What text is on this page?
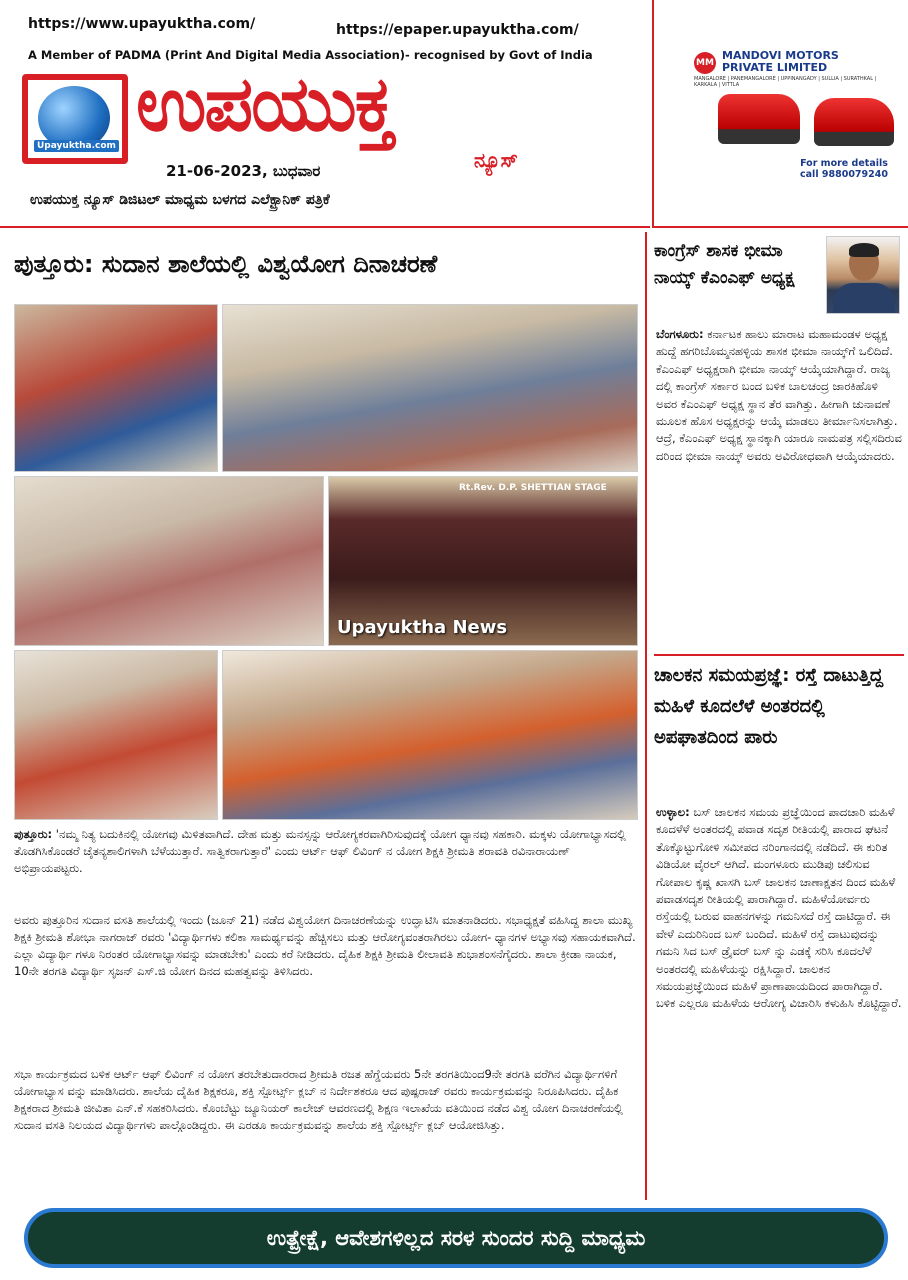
https://www.upayuktha.com/	https://epaper.upayuktha.com/
A Member of PADMA (Print And Digital Media Association)- recognised by Govt of India
Upayuktha.com ಉಪಯುಕ್ತ
ನ್ಯೂಸ್
21-06-2023, ಬುಧವಾರ
ಉಪಯುಕ್ತ ನ್ಯೂಸ್ ಡಿಜಿಟಲ್ ಮಾಧ್ಯಮ ಬಳಗದ ಎಲೆಕ್ಟ್ರಾನಿಕ್ ಪತ್ರಿಕೆ
MM
MANDOVI MOTORS PRIVATE LIMITED
MANGALORE | PANEMANGALORE | UPPINANGADY | SULLIA | SURATHKAL | KARKALA | VITTLA
For more details call 9880079240
ಪುತ್ತೂರು: ಸುದಾನ ಶಾಲೆಯಲ್ಲಿ ವಿಶ್ವಯೋಗ ದಿನಾಚರಣೆ
Rt.Rev. D.P. SHETTIAN STAGE
Upayuktha News
ಪುತ್ತೂರು: 'ನಮ್ಮ ನಿತ್ಯ ಬದುಕಿನಲ್ಲಿ ಯೋಗವು ಮಿಳಿತವಾಗಿದೆ. ದೇಹ ಮತ್ತು ಮನಸ್ಸನ್ನು ಆರೋಗ್ಯಕರವಾಗಿರಿಸುವುದಕ್ಕೆ ಯೋಗ ಧ್ಯಾನವು ಸಹಕಾರಿ. ಮಕ್ಕಳು ಯೋಗಾಭ್ಯಾಸದಲ್ಲಿ ತೊಡಗಿಸಿಕೊಂಡರೆ ಚೈತನ್ಯಶಾಲಿಗಳಾಗಿ ಬೆಳೆಯುತ್ತಾರೆ. ಸಾತ್ವಿಕರಾಗುತ್ತಾರೆ' ಎಂದು ಆರ್ಟ್ ಆಫ್ ಲಿವಿಂಗ್ ನ ಯೋಗ ಶಿಕ್ಷಕಿ ಶ್ರೀಮತಿ ಶರಾವತಿ ರವಿನಾರಾಯಣ್ ಅಭಿಪ್ರಾಯಪಟ್ಟರು.
ಅವರು ಪುತ್ತೂರಿನ ಸುದಾನ ವಸತಿ ಶಾಲೆಯಲ್ಲಿ ಇಂದು (ಜೂನ್ 21) ನಡೆದ ವಿಶ್ವಯೋಗ ದಿನಾಚರಣೆಯನ್ನು ಉದ್ಘಾಟಿಸಿ ಮಾತನಾಡಿದರು. ಸಭಾಧ್ಯಕ್ಷತೆ ವಹಿಸಿದ್ದ ಶಾಲಾ ಮುಖ್ಯ ಶಿಕ್ಷಕಿ ಶ್ರೀಮತಿ ಶೋಭಾ ನಾಗರಾಜ್ ರವರು 'ವಿದ್ಯಾರ್ಥಿಗಳು ಕಲಿಕಾ ಸಾಮರ್ಥ್ಯವನ್ನು ಹೆಚ್ಚಿಸಲು ಮತ್ತು ಆರೋಗ್ಯವಂತರಾಗಿರಲು ಯೋಗ- ಧ್ಯಾನಗಳ ಅಭ್ಯಾಸವು ಸಹಾಯಕವಾಗಿದೆ. ಎಲ್ಲಾ ವಿದ್ಯಾರ್ಥಿ ಗಳೂ ನಿರಂತರ ಯೋಗಾಭ್ಯಾಸವನ್ನು ಮಾಡಬೇಕು' ಎಂದು ಕರೆ ನೀಡಿದರು. ದೈಹಿಕ ಶಿಕ್ಷಕಿ ಶ್ರೀಮತಿ ಲೀಲಾವತಿ ಶುಭಾಶಂಸನೆಗೈದರು. ಶಾಲಾ ಕ್ರೀಡಾ ನಾಯಕ, 10ನೇ ತರಗತಿ ವಿದ್ಯಾರ್ಥಿ ಸೃಜನ್ ಎಸ್.ಜಿ ಯೋಗ ದಿನದ ಮಹತ್ವವನ್ನು ತಿಳಿಸಿದರು.
ಸಭಾ ಕಾರ್ಯಕ್ರಮದ ಬಳಿಕ ಆರ್ಟ್ ಆಫ್ ಲಿವಿಂಗ್ ನ ಯೋಗ ತರಬೇತುದಾರರಾದ ಶ್ರೀಮತಿ ರಜತ ಹೆಗ್ಡೆಯವರು 5ನೇ ತರಗತಿಯಿಂದ9ನೇ ತರಗತಿ ವರೆಗಿನ ವಿದ್ಯಾರ್ಥಿಗಳಿಗೆ ಯೋಗಾಭ್ಯಾಸ ವನ್ನು ಮಾಡಿಸಿದರು. ಶಾಲೆಯ ದೈಹಿಕ ಶಿಕ್ಷಕರೂ, ಶಕ್ತಿ ಸ್ಪೋರ್ಟ್ಸ್ ಕ್ಲಬ್ ನ ನಿರ್ದೇಶಕರೂ ಆದ ಪುಷ್ಪರಾಜ್ ರವರು ಕಾರ್ಯಕ್ರಮವನ್ನು ನಿರೂಪಿಸಿದರು. ದೈಹಿಕ ಶಿಕ್ಷಕರಾದ ಶ್ರೀಮತಿ ಜೀವಿತಾ ಎನ್.ಕೆ ಸಹಕರಿಸಿದರು. ಕೊಂಬೆಟ್ಟು ಜ್ಯೂನಿಯರ್ ಕಾಲೇಜ್ ಆವರಣದಲ್ಲಿ ಶಿಕ್ಷಣ ಇಲಾಖೆಯ ವತಿಯಿಂದ ನಡೆದ ವಿಶ್ವ ಯೋಗ ದಿನಾಚರಣೆಯಲ್ಲಿ ಸುದಾನ ವಸತಿ ನಿಲಯದ ವಿದ್ಯಾರ್ಥಿಗಳು ಪಾಲ್ಗೊಂಡಿದ್ದರು. ಈ ಎರಡೂ ಕಾರ್ಯಕ್ರಮವನ್ನು ಶಾಲೆಯ ಶಕ್ತಿ ಸ್ಪೋರ್ಟ್ಸ್ ಕ್ಲಬ್ ಆಯೋಜಿಸಿತ್ತು.
ಕಾಂಗ್ರೆಸ್ ಶಾಸಕ ಭೀಮಾ ನಾಯ್ಕ್ ಕೆಎಂಎಫ್ ಅಧ್ಯಕ್ಷ
ಬೆಂಗಳೂರು: ಕರ್ನಾಟಕ ಹಾಲು ಮಾರಾಟ ಮಹಾಮಂಡಳ ಅಧ್ಯಕ್ಷ ಹುದ್ದೆ ಹಗರಿಬೊಮ್ಮನಹಳ್ಳಿಯ ಶಾಸಕ ಭೀಮಾ ನಾಯ್ಕ್‌ಗೆ ಒಲಿದಿದೆ. ಕೆಎಂಎಫ್ ಅಧ್ಯಕ್ಷರಾಗಿ ಭೀಮಾ ನಾಯ್ಕ್ ಆಯ್ಕೆಯಾಗಿದ್ದಾರೆ. ರಾಜ್ಯ ದಲ್ಲಿ ಕಾಂಗ್ರೆಸ್ ಸರ್ಕಾರ ಬಂದ ಬಳಿಕ ಬಾಲಚಂದ್ರ ಜಾರಕಿಹೊಳಿ ಅವರ ಕೆಎಂಎಫ್ ಅಧ್ಯಕ್ಷ ಸ್ಥಾನ ತೆರ ವಾಗಿತ್ತು. ಹೀಗಾಗಿ ಚುನಾವಣೆ ಮೂಲಕ ಹೊಸ ಅಧ್ಯಕ್ಷರನ್ನು ಆಯ್ಕೆ ಮಾಡಲು ತೀರ್ಮಾನಿಸಲಾಗಿತ್ತು. ಆದ್ರೆ, ಕೆಎಂಎಫ್ ಅಧ್ಯಕ್ಷ ಸ್ಥಾನಕ್ಕಾಗಿ ಯಾರೂ ನಾಮಪತ್ರ ಸಲ್ಲಿಸದಿರುವ ದರಿಂದ ಭೀಮಾ ನಾಯ್ಕ್ ಅವರು ಅವಿರೋಧವಾಗಿ ಆಯ್ಕೆಯಾದರು.
ಚಾಲಕನ ಸಮಯಪ್ರಜ್ಞೆ: ರಸ್ತೆ ದಾಟುತ್ತಿದ್ದ ಮಹಿಳೆ ಕೂದಲೆಳೆ ಅಂತರದಲ್ಲಿ ಅಪಘಾತದಿಂದ ಪಾರು
ಉಳ್ಳಾಲ: ಬಸ್ ಚಾಲಕನ ಸಮಯ ಪ್ರಜ್ಞೆಯಿಂದ ಪಾದಚಾರಿ ಮಹಿಳೆ ಕೂದಳೆಳೆ ಅಂತರದಲ್ಲಿ ಪವಾಡ ಸದೃಶ ರೀತಿಯಲ್ಲಿ ಪಾರಾದ ಘಟನೆ ತೊಕ್ಕೊಟ್ಟುಗೋಳಿ ಸಮೀಪದ ನರಿಂಗಾನದಲ್ಲಿ ನಡೆದಿದೆ. ಈ ಕುರಿತ ವಿಡಿಯೋ ವೈರಲ್ ಆಗಿದೆ. ಮಂಗಳೂರು ಮುಡಿಪು ಚಲಿಸುವ ಗೋಪಾಲ ಕೃಷ್ಣ ಖಾಸಗಿ ಬಸ್ ಚಾಲಕನ ಚಾಣಾಕ್ಷತನ ದಿಂದ ಮಹಿಳೆ ಪವಾಡಸದೃಶ ರೀತಿಯಲ್ಲಿ ಪಾರಾಗಿದ್ದಾರೆ. ಮಹಿಳೆಯೋರ್ವರು ರಸ್ತೆಯಲ್ಲಿ ಬರುವ ವಾಹನಗಳನ್ನು ಗಮನಿಸದೆ ರಸ್ತೆ ದಾಟಿದ್ದಾರೆ. ಈ ವೇಳೆ ಎದುರಿನಿಂದ ಬಸ್ ಬಂದಿದೆ. ಮಹಿಳೆ ರಸ್ತೆ ದಾಟುವುದನ್ನು ಗಮನಿ ಸಿದ ಬಸ್ ಡ್ರೈವರ್ ಬಸ್ ನ್ನು ಎಡಕ್ಕೆ ಸರಿಸಿ ಕೂದಲೆಳೆ ಅಂತರದಲ್ಲಿ ಮಹಿಳೆಯನ್ನು ರಕ್ಷಿಸಿದ್ದಾರೆ. ಚಾಲಕನ ಸಮಯಪ್ರಜ್ಞೆಯಿಂದ ಮಹಿಳೆ ಪ್ರಾಣಾಪಾಯದಿಂದ ಪಾರಾಗಿದ್ದಾರೆ. ಬಳಿಕ ಎಲ್ಲರೂ ಮಹಿಳೆಯ ಆರೋಗ್ಯ ವಿಚಾರಿಸಿ ಕಳುಹಿಸಿ ಕೊಟ್ಟಿದ್ದಾರೆ.
ಉತ್ಪ್ರೇಕ್ಷೆ, ಆವೇಶಗಳಿಲ್ಲದ ಸರಳ ಸುಂದರ ಸುದ್ದಿ ಮಾಧ್ಯಮ
